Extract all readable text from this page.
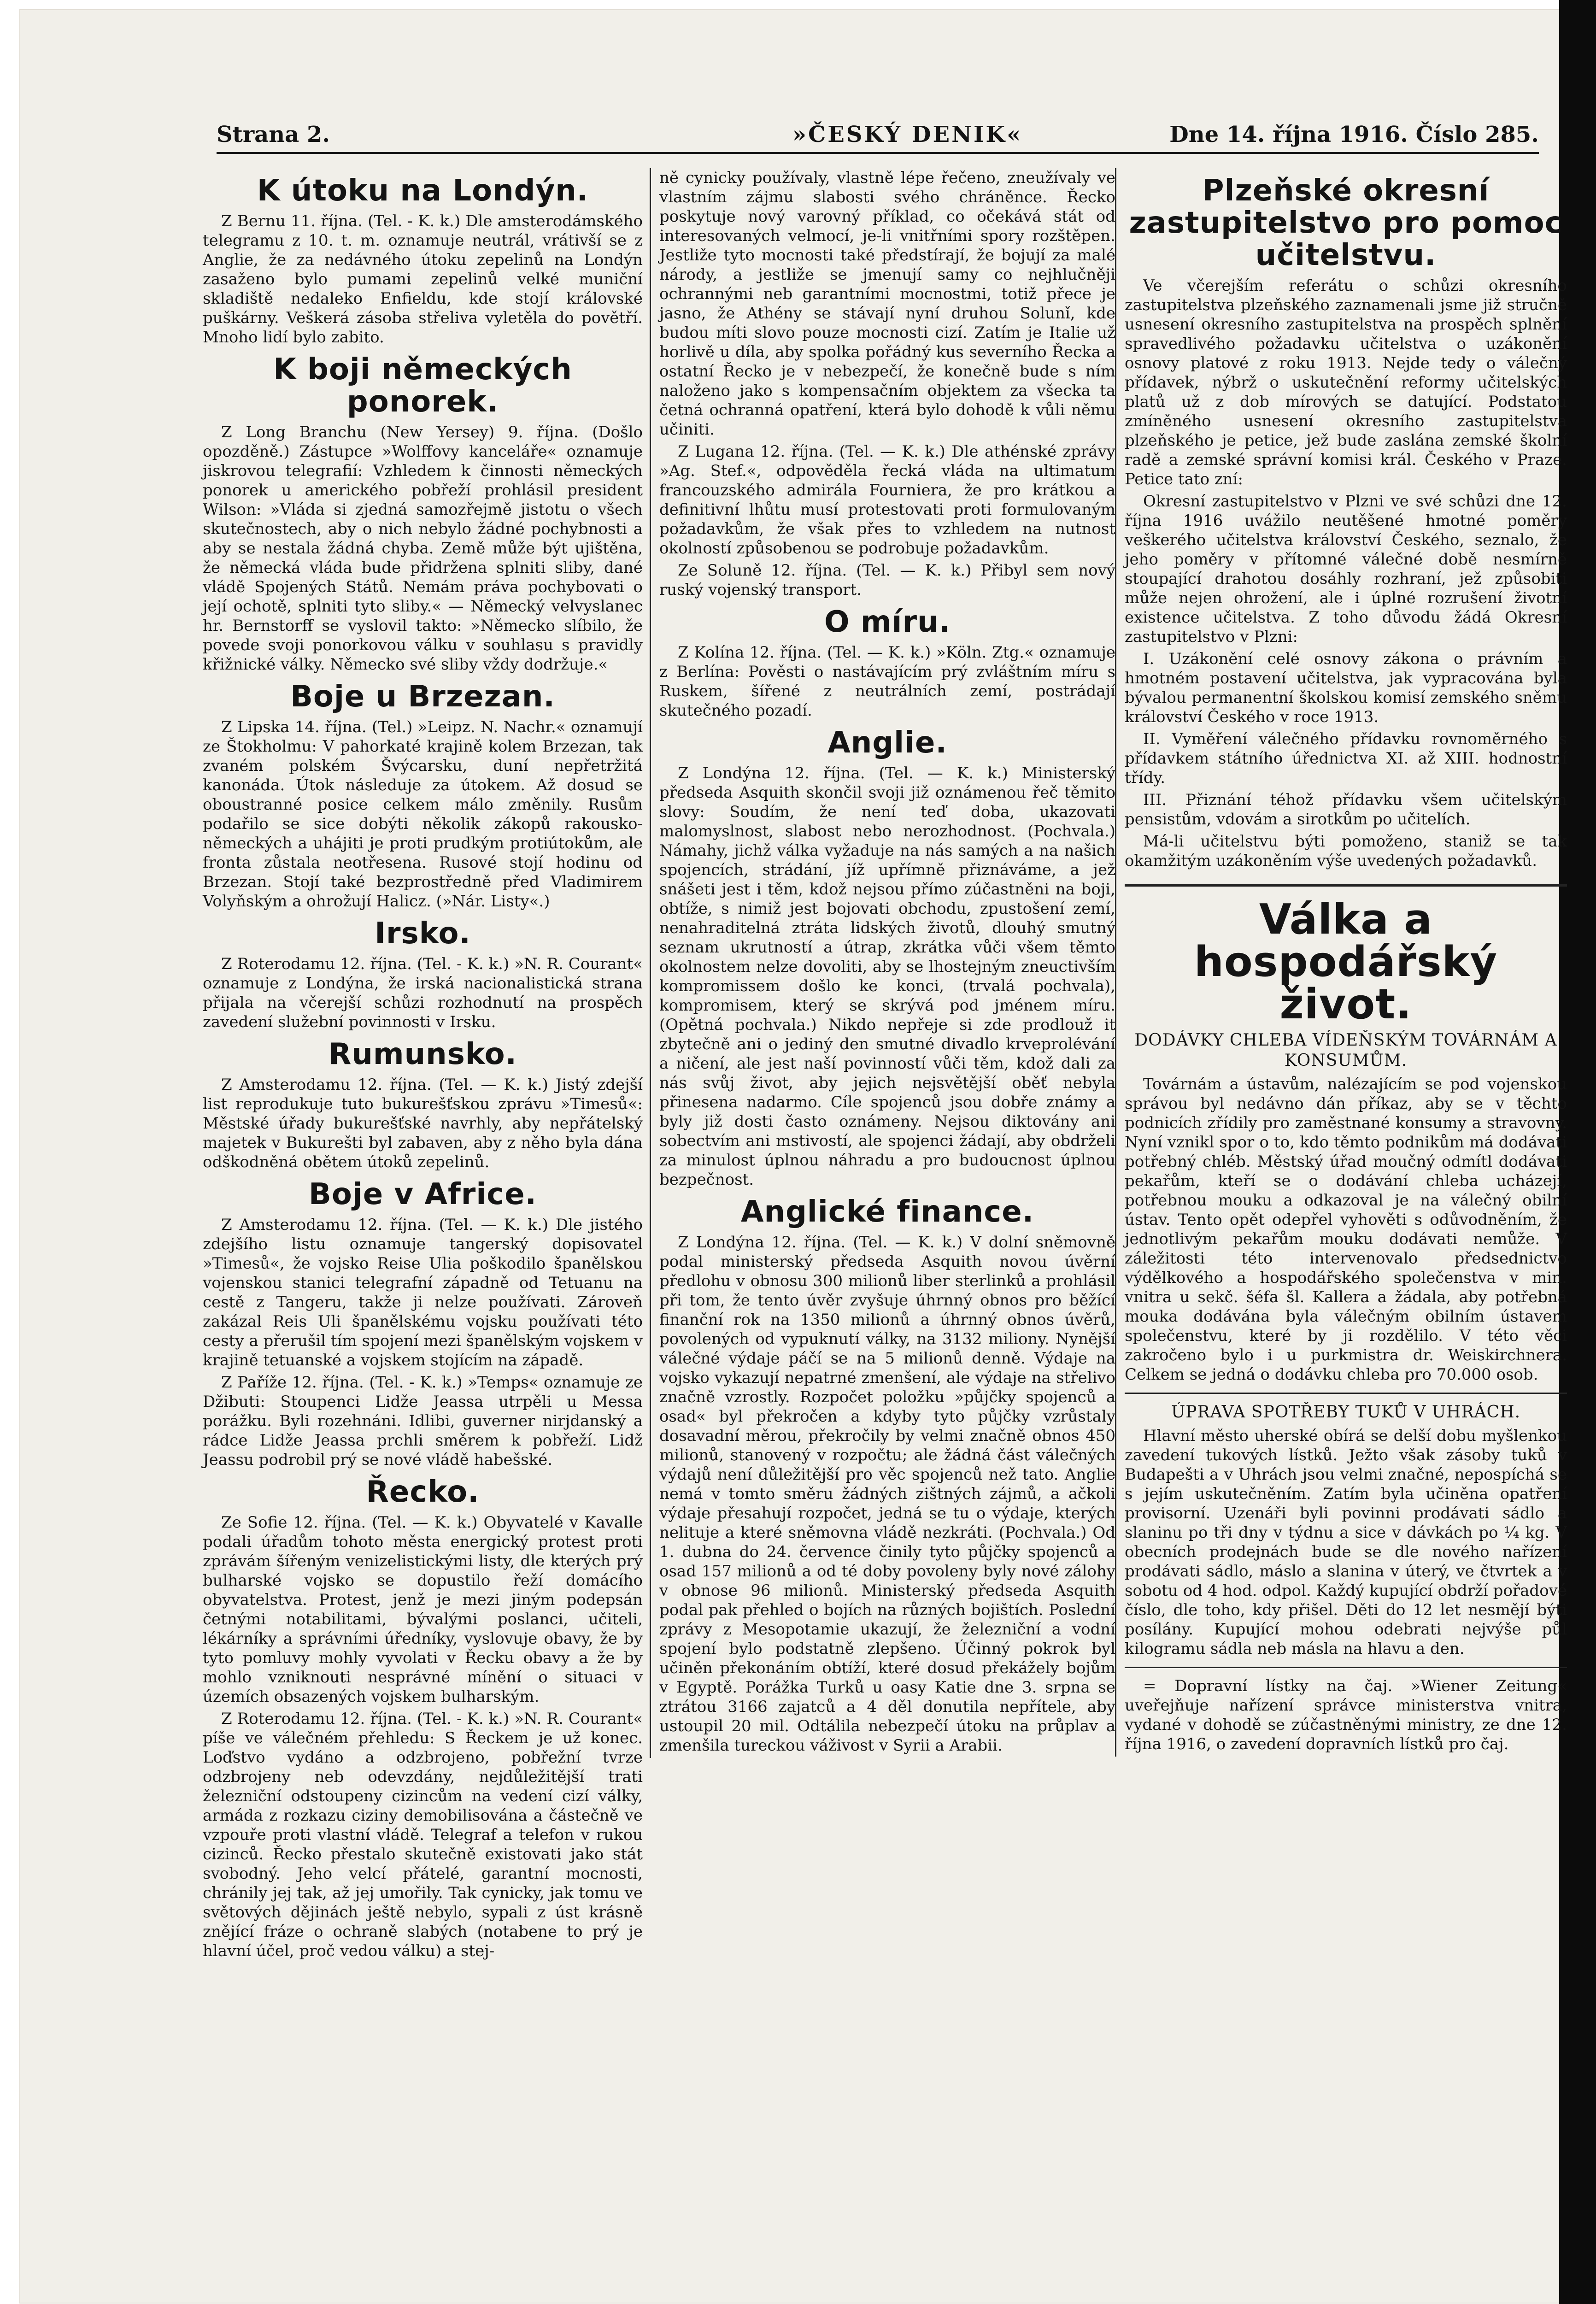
Strana 2.	»ČESKÝ DENIK«	Dne 14. října 1916. Číslo 285.
K útoku na Londýn.

Z Bernu 11. října. (Tel. - K. k.) Dle amsterodámského telegramu z 10. t. m. oznamuje neutrál, vrátivší se z Anglie, že za nedávného útoku zepelinů na Londýn zasaženo bylo pumami zepelinů velké muniční skladiště nedaleko Enfieldu, kde stojí královské puškárny. Veškerá zásoba střeliva vyletěla do povětří. Mnoho lidí bylo zabito.

K boji německých ponorek.

Z Long Branchu (New Yersey) 9. října. (Došlo opozděně.) Zástupce »Wolffovy kanceláře« oznamuje jiskrovou telegrafií: Vzhledem k činnosti německých ponorek u amerického pobřeží prohlásil president Wilson: »Vláda si zjedná samozřejmě jistotu o všech skutečnostech, aby o nich nebylo žádné pochybnosti a aby se nestala žádná chyba. Země může být ujištěna, že německá vláda bude přidržena splniti sliby, dané vládě Spojených Států. Nemám práva pochybovati o její ochotě, splniti tyto sliby.« — Německý velvyslanec hr. Bernstorff se vyslovil takto: »Německo slíbilo, že povede svoji ponorkovou válku v souhlasu s pravidly křižnické války. Německo své sliby vždy dodržuje.«

Boje u Brzezan.

Z Lipska 14. října. (Tel.) »Leipz. N. Nachr.« oznamují ze Štokholmu: V pahorkaté krajině kolem Brzezan, tak zvaném polském Švýcarsku, duní nepřetržitá kanonáda. Útok následuje za útokem. Až dosud se oboustranné posice celkem málo změnily. Rusům podařilo se sice dobýti několik zákopů rakousko-německých a uhájiti je proti prudkým protiútokům, ale fronta zůstala neotřesena. Rusové stojí hodinu od Brzezan. Stojí také bezprostředně před Vladimirem Volyňským a ohrožují Halicz. (»Nár. Listy«.)

Irsko.

Z Roterodamu 12. října. (Tel. - K. k.) »N. R. Courant« oznamuje z Londýna, že irská nacionalistická strana přijala na včerejší schůzi rozhodnutí na prospěch zavedení služební povinnosti v Irsku.

Rumunsko.

Z Amsterodamu 12. října. (Tel. — K. k.) Jistý zdejší list reprodukuje tuto bukurešťskou zprávu »Timesů«: Městské úřady bukurešťské navrhly, aby nepřátelský majetek v Bukurešti byl zabaven, aby z něho byla dána odškodněná obětem útoků zepelinů.

Boje v Africe.

Z Amsterodamu 12. října. (Tel. — K. k.) Dle jistého zdejšího listu oznamuje tangerský dopisovatel »Timesů«, že vojsko Reise Ulia poškodilo španělskou vojenskou stanici telegrafní západně od Tetuanu na cestě z Tangeru, takže ji nelze používati. Zároveň zakázal Reis Uli španělskému vojsku používati této cesty a přerušil tím spojení mezi španělským vojskem v krajině tetuanské a vojskem stojícím na západě.

Z Paříže 12. října. (Tel. - K. k.) »Temps« oznamuje ze Džibuti: Stoupenci Lidže Jeassa utrpěli u Messa porážku. Byli rozehnáni. Idlibi, guverner nirjdanský a rádce Lidže Jeassa prchli směrem k pobřeží. Lidž Jeassu podrobil prý se nové vládě habešské.

Řecko.

Ze Sofie 12. října. (Tel. — K. k.) Obyvatelé v Kavalle podali úřadům tohoto města energický protest proti zprávám šířeným venizelistickými listy, dle kterých prý bulharské vojsko se dopustilo řeží domácího obyvatelstva. Protest, jenž je mezi jiným podepsán četnými notabilitami, bývalými poslanci, učiteli, lékárníky a správními úředníky, vyslovuje obavy, že by tyto pomluvy mohly vyvolati v Řecku obavy a že by mohlo vzniknouti nesprávné mínění o situaci v územích obsazených vojskem bulharským.

Z Roterodamu 12. října. (Tel. - K. k.) »N. R. Courant« píše ve válečném přehledu: S Řeckem je už konec. Loďstvo vydáno a odzbrojeno, pobřežní tvrze odzbrojeny neb odevzdány, nejdůležitější trati železniční odstoupeny cizincům na vedení cizí války, armáda z rozkazu ciziny demobilisována a částečně ve vzpouře proti vlastní vládě. Telegraf a telefon v rukou cizinců. Řecko přestalo skutečně existovati jako stát svobodný. Jeho velcí přátelé, garantní mocnosti, chránily jej tak, až jej umořily. Tak cynicky, jak tomu ve světových dějinách ještě nebylo, sypali z úst krásně znějící fráze o ochraně slabých (notabene to prý je hlavní účel, proč vedou válku) a stej-

ně cynicky používaly, vlastně lépe řečeno, zneužívaly ve vlastním zájmu slabosti svého chráněnce. Řecko poskytuje nový varovný příklad, co očekává stát od interesovaných velmocí, je-li vnitřními spory rozštěpen. Jestliže tyto mocnosti také předstírají, že bojují za malé národy, a jestliže se jmenují samy co nejhlučněji ochrannými neb garantními mocnostmi, totiž přece je jasno, že Athény se stávají nyní druhou Solunǐ, kde budou míti slovo pouze mocnosti cizí. Zatím je Italie už horlivě u díla, aby spolka pořádný kus severního Řecka a ostatní Řecko je v nebezpečí, že konečně bude s ním naloženo jako s kompensačním objektem za všecka ta četná ochranná opatření, která bylo dohodě k vůli němu učiniti.

Z Lugana 12. října. (Tel. — K. k.) Dle athénské zprávy »Ag. Stef.«, odpověděla řecká vláda na ultimatum francouzského admirála Fourniera, že pro krátkou a definitivní lhůtu musí protestovati proti formulovaným požadavkům, že však přes to vzhledem na nutnost okolností způsobenou se podrobuje požadavkům.

Ze Soluně 12. října. (Tel. — K. k.) Přibyl sem nový ruský vojenský transport.

O míru.

Z Kolína 12. října. (Tel. — K. k.) »Köln. Ztg.« oznamuje z Berlína: Pověsti o nastávajícím prý zvláštním míru s Ruskem, šířené z neutrálních zemí, postrádají skutečného pozadí.

Anglie.

Z Londýna 12. října. (Tel. — K. k.) Ministerský předseda Asquith skončil svoji již oznámenou řeč těmito slovy: Soudím, že není teď doba, ukazovati malomyslnost, slabost nebo nerozhodnost. (Pochvala.) Námahy, jichž válka vyžaduje na nás samých a na našich spojencích, strádání, jíž upřímně přiznáváme, a jež snášeti jest i těm, kdož nejsou přímo zúčastněni na boji, obtíže, s nimiž jest bojovati obchodu, zpustošení zemí, nenahraditelná ztráta lidských životů, dlouhý smutný seznam ukrutností a útrap, zkrátka vůči všem těmto okolnostem nelze dovoliti, aby se lhostejným zneuctivším kompromissem došlo ke konci, (trvalá pochvala), kompromisem, který se skrývá pod jménem míru. (Opětná pochvala.) Nikdo nepřeje si zde prodlouž it zbytečně ani o jediný den smutné divadlo krveprolévání a ničení, ale jest naší povinností vůči těm, kdož dali za nás svůj život, aby jejich nejsvětější oběť nebyla přinesena nadarmo. Cíle spojenců jsou dobře známy a byly již dosti často oznámeny. Nejsou diktovány ani sobectvím ani mstivostí, ale spojenci žádají, aby obdrželi za minulost úplnou náhradu a pro budoucnost úplnou bezpečnost.

Anglické finance.

Z Londýna 12. října. (Tel. — K. k.) V dolní sněmovně podal ministerský předseda Asquith novou úvěrní předlohu v obnosu 300 milionů liber sterlinků a prohlásil při tom, že tento úvěr zvyšuje úhrnný obnos pro běžící finanční rok na 1350 milionů a úhrnný obnos úvěrů, povolených od vypuknutí války, na 3132 miliony. Nynější válečné výdaje páčí se na 5 milionů denně. Výdaje na vojsko vykazují nepatrné zmenšení, ale výdaje na střelivo značně vzrostly. Rozpočet položku »půjčky spojenců a osad« byl překročen a kdyby tyto půjčky vzrůstaly dosavadní měrou, překročily by velmi značně obnos 450 milionů, stanovený v rozpočtu; ale žádná část válečných výdajů není důležitější pro věc spojenců než tato. Anglie nemá v tomto směru žádných zištných zájmů, a ačkoli výdaje přesahují rozpočet, jedná se tu o výdaje, kterých nelituje a které sněmovna vládě nezkráti. (Pochvala.) Od 1. dubna do 24. července činily tyto půjčky spojenců a osad 157 milionů a od té doby povoleny byly nové zálohy v obnose 96 milionů. Ministerský předseda Asquith podal pak přehled o bojích na různých bojištích. Poslední zprávy z Mesopotamie ukazují, že železniční a vodní spojení bylo podstatně zlepšeno. Účinný pokrok byl učiněn překonáním obtíží, které dosud překážely bojům v Egyptě. Porážka Turků u oasy Katie dne 3. srpna se ztrátou 3166 zajatců a 4 děl donutila nepřítele, aby ustoupil 20 mil. Odtálila nebezpečí útoku na průplav a zmenšila tureckou váživost v Syrii a Arabii.

Plzeňské okresní zastupitelstvo pro pomoc učitelstvu.

Ve včerejším referátu o schůzi okresního zastupitelstva plzeňského zaznamenali jsme již stručně usnesení okresního zastupitelstva na prospěch splnění spravedlivého požadavku učitelstva o uzákonění osnovy platové z roku 1913. Nejde tedy o válečný přídavek, nýbrž o uskutečnění reformy učitelských platů už z dob mírových se datující. Podstatou zmíněného usnesení okresního zastupitelstva plzeňského je petice, jež bude zaslána zemské školní radě a zemské správní komisi král. Českého v Praze. Petice tato zní:

Okresní zastupitelstvo v Plzni ve své schůzi dne 12. října 1916 uvážilo neutěšené hmotné poměry veškerého učitelstva království Českého, seznalo, že jeho poměry v přítomné válečné době nesmírně stoupající drahotou dosáhly rozhraní, jež způsobiti může nejen ohrožení, ale i úplné rozrušení životní existence učitelstva. Z toho důvodu žádá Okresní zastupitelstvo v Plzni:

I. Uzákonění celé osnovy zákona o právním a hmotném postavení učitelstva, jak vypracována byla bývalou permanentní školskou komisí zemského sněmu království Českého v roce 1913.

II. Vyměření válečného přídavku rovnoměrného s přídavkem státního úřednictva XI. až XIII. hodnostní třídy.

III. Přiznání téhož přídavku všem učitelským pensistům, vdovám a sirotkům po učitelích.

Má-li učitelstvu býti pomoženo, staniž se tak okamžitým uzákoněním výše uvedených požadavků.

Válka a hospodářský život.
DODÁVKY CHLEBA VÍDEŇSKÝM TOVÁRNÁM A KONSUMŮM.

Továrnám a ústavům, nalézajícím se pod vojenskou správou byl nedávno dán příkaz, aby se v těchto podnicích zřídily pro zaměstnané konsumy a stravovny. Nyní vznikl spor o to, kdo těmto podnikům má dodávati potřebný chléb. Městský úřad moučný odmítl dodávati pekařům, kteří se o dodávání chleba ucházejí, potřebnou mouku a odkazoval je na válečný obilní ústav. Tento opět odepřel vyhověti s odůvodněním, že jednotlivým pekařům mouku dodávati nemůže. V záležitosti této intervenovalo předsednictvo výdělkového a hospodářského společenstva v min. vnitra u sekč. šéfa šl. Kallera a žádala, aby potřebná mouka dodávána byla válečným obilním ústavem společenstvu, které by ji rozdělilo. V této věci zakročeno bylo i u purkmistra dr. Weiskirchnera. Celkem se jedná o dodávku chleba pro 70.000 osob.

ÚPRAVA SPOTŘEBY TUKŮ V UHRÁCH.

Hlavní město uherské obírá se delší dobu myšlenkou zavedení tukových lístků. Ježto však zásoby tuků v Budapešti a v Uhrách jsou velmi značné, nepospíchá se s jejím uskutečněním. Zatím byla učiněna opatření provisorní. Uzenáři byli povinni prodávati sádlo a slaninu po tři dny v týdnu a sice v dávkách po ¼ kg. V obecních prodejnách bude se dle nového nařízení prodávati sádlo, máslo a slanina v úterý, ve čtvrtek a v sobotu od 4 hod. odpol. Každý kupující obdrží pořadové číslo, dle toho, kdy přišel. Děti do 12 let nesmějí býti posílány. Kupující mohou odebrati nejvýše půl kilogramu sádla neb másla na hlavu a den.

= Dopravní lístky na čaj. »Wiener Zeitung« uveřejňuje nařízení správce ministerstva vnitra, vydané v dohodě se zúčastněnými ministry, ze dne 12. října 1916, o zavedení dopravních lístků pro čaj.
